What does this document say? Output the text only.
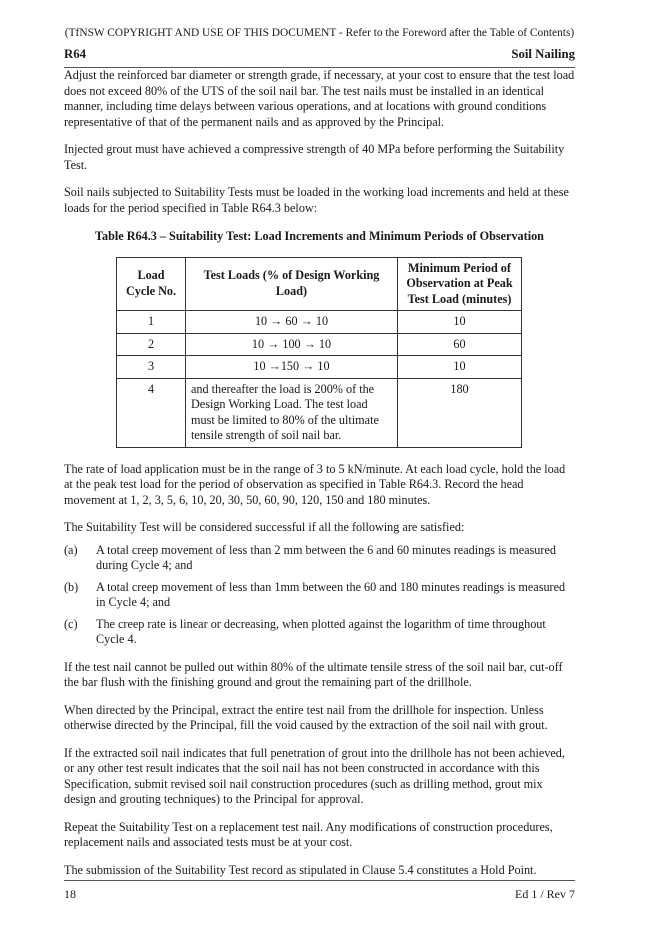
(TfNSW COPYRIGHT AND USE OF THIS DOCUMENT - Refer to the Foreword after the Table of Contents)
R64	Soil Nailing

Adjust the reinforced bar diameter or strength grade, if necessary, at your cost to ensure that the test load does not exceed 80% of the UTS of the soil nail bar. The test nails must be installed in an identical manner, including time delays between various operations, and at locations with ground conditions representative of that of the permanent nails and as approved by the Principal.

Injected grout must have achieved a compressive strength of 40 MPa before performing the Suitability Test.

Soil nails subjected to Suitability Tests must be loaded in the working load increments and held at these loads for the period specified in Table R64.3 below:

Table R64.3 – Suitability Test: Load Increments and Minimum Periods of Observation

Load Cycle No.	Test Loads (% of Design Working Load)	Minimum Period of Observation at Peak Test Load (minutes)
1	10 → 60 → 10	10
2	10 → 100 → 10	60
3	10 →150 → 10	10
4	and thereafter the load is 200% of the Design Working Load. The test load must be limited to 80% of the ultimate tensile strength of soil nail bar.	180

The rate of load application must be in the range of 3 to 5 kN/minute. At each load cycle, hold the load at the peak test load for the period of observation as specified in Table R64.3. Record the head movement at 1, 2, 3, 5, 6, 10, 20, 30, 50, 60, 90, 120, 150 and 180 minutes.

The Suitability Test will be considered successful if all the following are satisfied:

(a)	A total creep movement of less than 2 mm between the 6 and 60 minutes readings is measured during Cycle 4; and
(b)	A total creep movement of less than 1mm between the 60 and 180 minutes readings is measured in Cycle 4; and
(c)	The creep rate is linear or decreasing, when plotted against the logarithm of time throughout Cycle 4.

If the test nail cannot be pulled out within 80% of the ultimate tensile stress of the soil nail bar, cut-off the bar flush with the finishing ground and grout the remaining part of the drillhole.

When directed by the Principal, extract the entire test nail from the drillhole for inspection. Unless otherwise directed by the Principal, fill the void caused by the extraction of the soil nail with grout.

If the extracted soil nail indicates that full penetration of grout into the drillhole has not been achieved, or any other test result indicates that the soil nail has not been constructed in accordance with this Specification, submit revised soil nail construction procedures (such as drilling method, grout mix design and grouting techniques) to the Principal for approval.

Repeat the Suitability Test on a replacement test nail. Any modifications of construction procedures, replacement nails and associated tests must be at your cost.

The submission of the Suitability Test record as stipulated in Clause 5.4 constitutes a Hold Point.

18	Ed 1 / Rev 7
